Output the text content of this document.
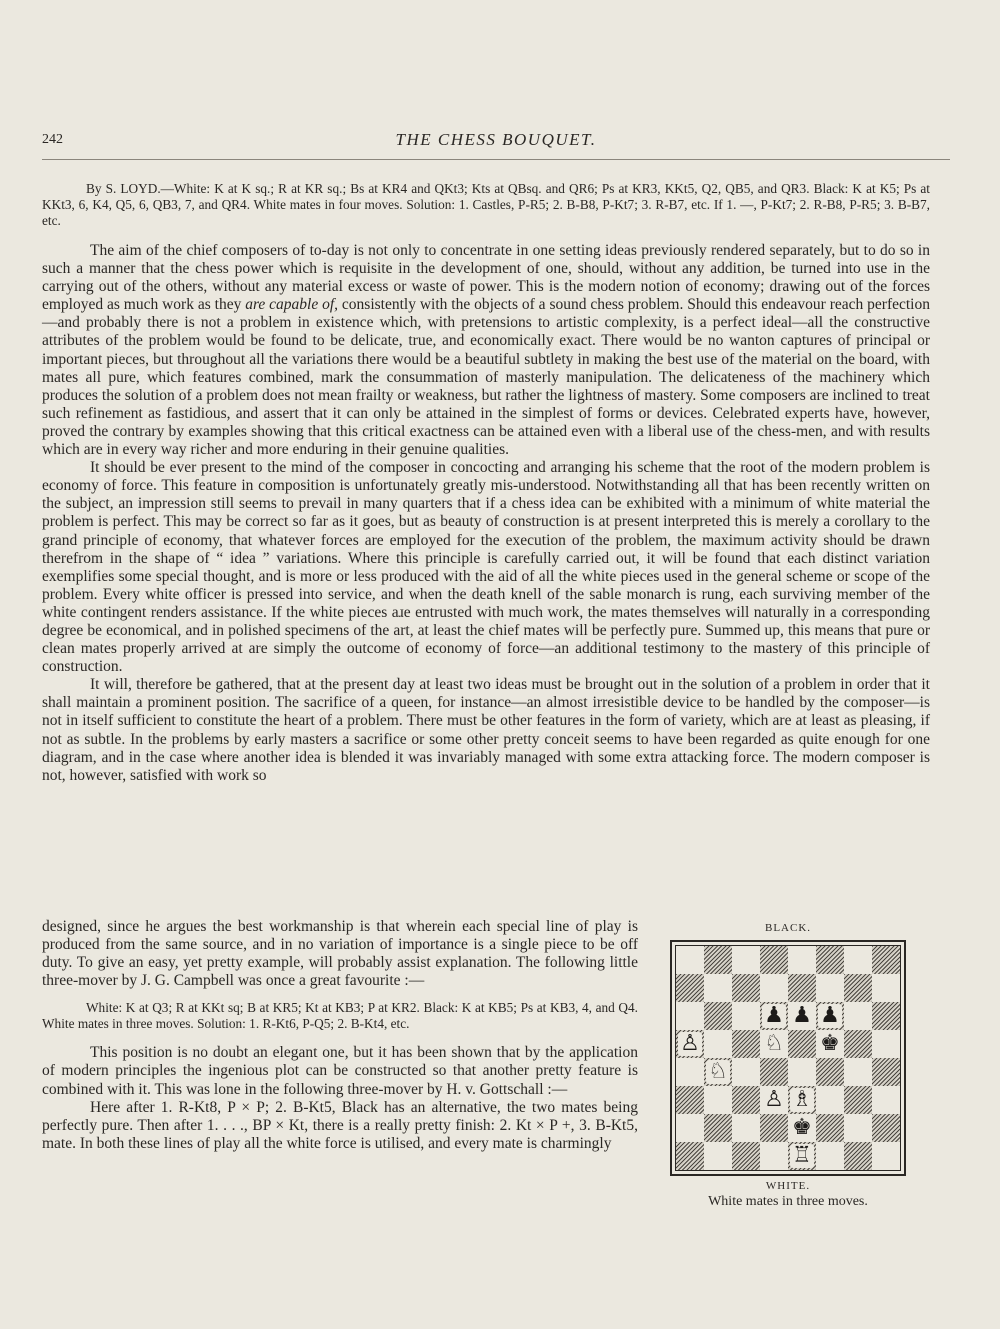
242	THE CHESS BOUQUET.

By S. LOYD.—White: K at K sq.; R at KR sq.; Bs at KR4 and QKt3; Kts at QBsq. and QR6; Ps at KR3, KKt5, Q2, QB5, and QR3. Black: K at K5; Ps at KKt3, 6, K4, Q5, 6, QB3, 7, and QR4. White mates in four moves. Solution: 1. Castles, P-R5; 2. B-B8, P-Kt7; 3. R-B7, etc. If 1. —, P-Kt7; 2. R-B8, P-R5; 3. B-B7, etc.

The aim of the chief composers of to-day is not only to concentrate in one setting ideas previously rendered separately, but to do so in such a manner that the chess power which is requisite in the development of one, should, without any addition, be turned into use in the carrying out of the others, without any material excess or waste of power. This is the modern notion of economy; drawing out of the forces employed as much work as they are capable of, consistently with the objects of a sound chess problem. Should this endeavour reach perfection—and probably there is not a problem in existence which, with pretensions to artistic complexity, is a perfect ideal—all the constructive attributes of the problem would be found to be delicate, true, and economically exact. There would be no wanton captures of principal or important pieces, but throughout all the variations there would be a beautiful subtlety in making the best use of the material on the board, with mates all pure, which features combined, mark the consummation of masterly manipulation. The delicateness of the machinery which produces the solution of a problem does not mean frailty or weakness, but rather the lightness of mastery. Some composers are inclined to treat such refinement as fastidious, and assert that it can only be attained in the simplest of forms or devices. Celebrated experts have, however, proved the contrary by examples showing that this critical exactness can be attained even with a liberal use of the chess-men, and with results which are in every way richer and more enduring in their genuine qualities.

It should be ever present to the mind of the composer in concocting and arranging his scheme that the root of the modern problem is economy of force. This feature in composition is unfortunately greatly mis-understood. Notwithstanding all that has been recently written on the subject, an impression still seems to prevail in many quarters that if a chess idea can be exhibited with a minimum of white material the problem is perfect. This may be correct so far as it goes, but as beauty of construction is at present interpreted this is merely a corollary to the grand principle of economy, that whatever forces are employed for the execution of the problem, the maximum activity should be drawn therefrom in the shape of “ idea ” variations. Where this principle is carefully carried out, it will be found that each distinct variation exemplifies some special thought, and is more or less produced with the aid of all the white pieces used in the general scheme or scope of the problem. Every white officer is pressed into service, and when the death knell of the sable monarch is rung, each surviving member of the white contingent renders assistance. If the white pieces aɹe entrusted with much work, the mates themselves will naturally in a corresponding degree be economical, and in polished specimens of the art, at least the chief mates will be perfectly pure. Summed up, this means that pure or clean mates properly arrived at are simply the outcome of economy of force—an additional testimony to the mastery of this principle of construction.

It will, therefore be gathered, that at the present day at least two ideas must be brought out in the solution of a problem in order that it shall maintain a prominent position. The sacrifice of a queen, for instance—an almost irresistible device to be handled by the composer—is not in itself sufficient to constitute the heart of a problem. There must be other features in the form of variety, which are at least as pleasing, if not as subtle. In the problems by early masters a sacrifice or some other pretty conceit seems to have been regarded as quite enough for one diagram, and in the case where another idea is blended it was invariably managed with some extra attacking force. The modern composer is not, however, satisfied with work so

designed, since he argues the best workmanship is that wherein each special line of play is produced from the same source, and in no variation of importance is a single piece to be off duty. To give an easy, yet pretty example, will probably assist explanation. The following little three-mover by J. G. Campbell was once a great favourite :—

White: K at Q3; R at KKt sq; B at KR5; Kt at KB3; P at KR2. Black: K at KB5; Ps at KB3, 4, and Q4. White mates in three moves. Solution: 1. R-Kt6, P-Q5; 2. B-Kt4, etc.

This position is no doubt an elegant one, but it has been shown that by the application of modern principles the ingenious plot can be constructed so that another pretty feature is combined with it. This was lone in the following three-mover by H. v. Gottschall :—

Here after 1. R-Kt8, P × P; 2. B-Kt5, Black has an alternative, the two mates being perfectly pure. Then after 1. . . ., BP × Kt, there is a really pretty finish: 2. Kt × P +, 3. B-Kt5, mate. In both these lines of play all the white force is utilised, and every mate is charmingly

BLACK.
♟ ♟ ♟
♙	♘ ♚
♘
♙ ♗
♚
♖
WHITE.
White mates in three moves.
